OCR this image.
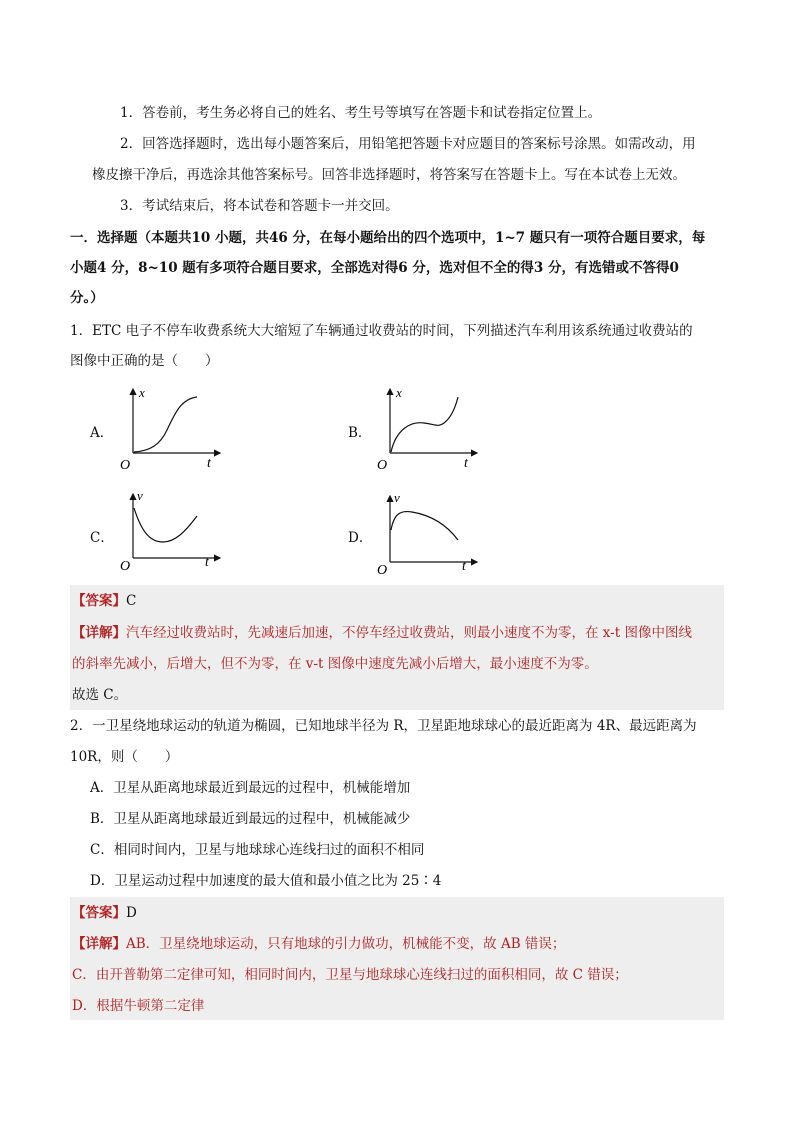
1．答卷前，考生务必将自己的姓名、考生号等填写在答题卡和试卷指定位置上。
2．回答选择题时，选出每小题答案后，用铅笔把答题卡对应题目的答案标号涂黑。如需改动，用
橡皮擦干净后，再选涂其他答案标号。回答非选择题时，将答案写在答题卡上。写在本试卷上无效。
3．考试结束后，将本试卷和答题卡一并交回。
一．选择题（本题共10 小题，共46 分，在每小题给出的四个选项中，1~7 题只有一项符合题目要求，每
小题4 分，8~10 题有多项符合题目要求，全部选对得6 分，选对但不全的得3 分，有选错或不答得0
分。）
1．ETC 电子不停车收费系统大大缩短了车辆通过收费站的时间，下列描述汽车利用该系统通过收费站的
图像中正确的是（　　）
A．
x
t
O
B．
x
t
O
C．
v
t
O
D．
v
t
O
【答案】C
【详解】汽车经过收费站时，先减速后加速，不停车经过收费站，则最小速度不为零，在 x-t 图像中图线
的斜率先减小，后增大，但不为零，在 v-t 图像中速度先减小后增大，最小速度不为零。
故选 C。
2．一卫星绕地球运动的轨道为椭圆，已知地球半径为 R，卫星距地球球心的最近距离为 4R、最远距离为
10R，则（　　）
A．卫星从距离地球最近到最远的过程中，机械能增加
B．卫星从距离地球最近到最远的过程中，机械能减少
C．相同时间内，卫星与地球球心连线扫过的面积不相同
D．卫星运动过程中加速度的最大值和最小值之比为 25∶4
【答案】D
【详解】AB．卫星绕地球运动，只有地球的引力做功，机械能不变，故 AB 错误；
C．由开普勒第二定律可知，相同时间内，卫星与地球球心连线扫过的面积相同，故 C 错误；
D．根据牛顿第二定律
